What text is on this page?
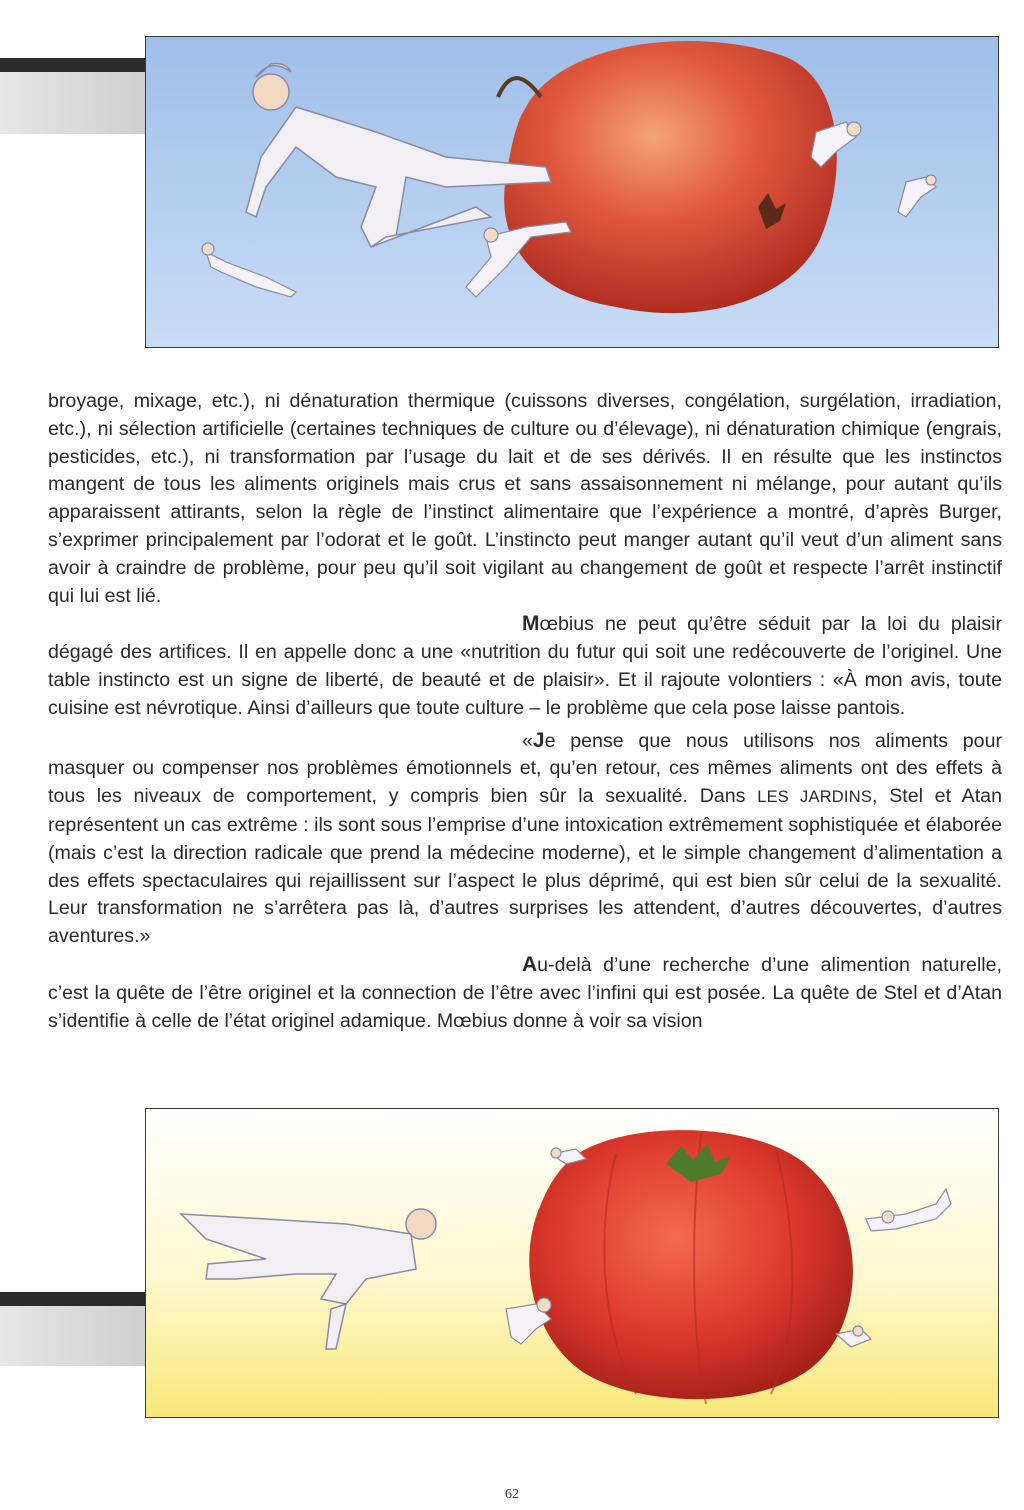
broyage, mixage, etc.), ni dénaturation thermique (cuissons diverses, congélation, surgélation, irradiation, etc.), ni sélection artificielle (certaines techniques de culture ou d’élevage), ni dénaturation chimique (engrais, pesticides, etc.), ni transformation par l’usage du lait et de ses dérivés. Il en résulte que les instinctos mangent de tous les aliments originels mais crus et sans assaisonnement ni mélange, pour autant qu’ils apparaissent attirants, selon la règle de l’instinct alimentaire que l’expérience a montré, d’après Burger, s’exprimer principalement par l’odorat et le goût. L’instincto peut manger autant qu’il veut d’un aliment sans avoir à craindre de problème, pour peu qu’il soit vigilant au changement de goût et respecte l’arrêt instinctif qui lui est lié.

Mœbius ne peut qu’être séduit par la loi du plaisir dégagé des artifices. Il en appelle donc a une «nutrition du futur qui soit une redécouverte de l’originel. Une table instincto est un signe de liberté, de beauté et de plaisir». Et il rajoute volontiers : «À mon avis, toute cuisine est névrotique. Ainsi d’ailleurs que toute culture – le problème que cela pose laisse pantois.

«Je pense que nous utilisons nos aliments pour masquer ou compenser nos problèmes émotionnels et, qu’en retour, ces mêmes aliments ont des effets à tous les niveaux de comportement, y compris bien sûr la sexualité. Dans LES JARDINS, Stel et Atan représentent un cas extrême : ils sont sous l’emprise d’une intoxication extrêmement sophistiquée et élaborée (mais c’est la direction radicale que prend la médecine moderne), et le simple changement d’alimentation a des effets spectaculaires qui rejaillissent sur l’aspect le plus déprimé, qui est bien sûr celui de la sexualité. Leur transformation ne s’arrêtera pas là, d’autres surprises les attendent, d’autres découvertes, d’autres aventures.»

Au-delà d’une recherche d’une alimention naturelle, c’est la quête de l’être originel et la connection de l’être avec l’infini qui est posée. La quête de Stel et d’Atan s’identifie à celle de l’état originel adamique. Mœbius donne à voir sa vision

62
